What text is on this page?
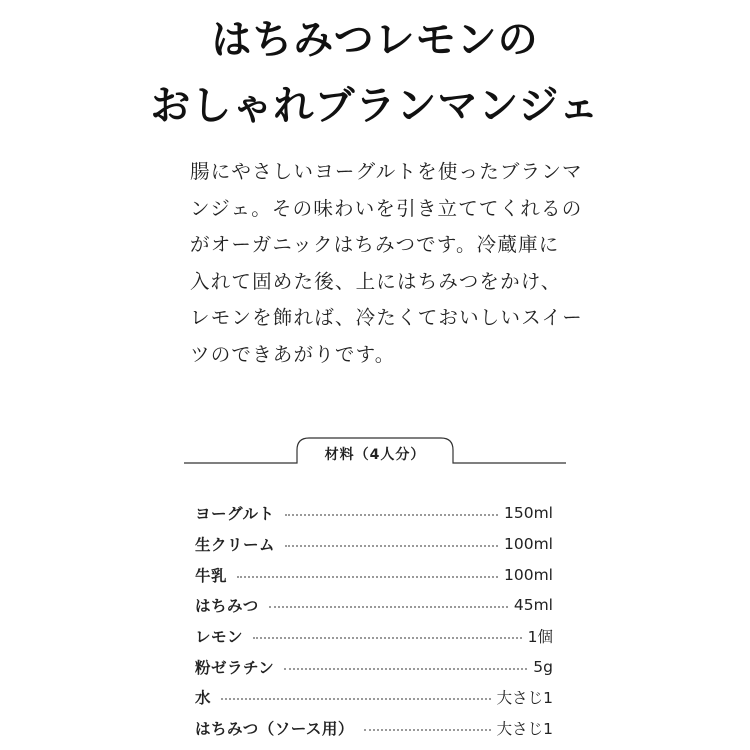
はちみつレモンの
おしゃれブランマンジェ

腸にやさしいヨーグルトを使ったブランマ
ンジェ。その味わいを引き立ててくれるの
がオーガニックはちみつです。冷蔵庫に
入れて固めた後、上にはちみつをかけ、
レモンを飾れば、冷たくておいしいスイー
ツのできあがりです。

材料（4人分）
ヨーグルト	150ml
生クリーム	100ml
牛乳	100ml
はちみつ	45ml
レモン	1個
粉ゼラチン	5g
水	大さじ1
はちみつ（ソース用）	大さじ1
